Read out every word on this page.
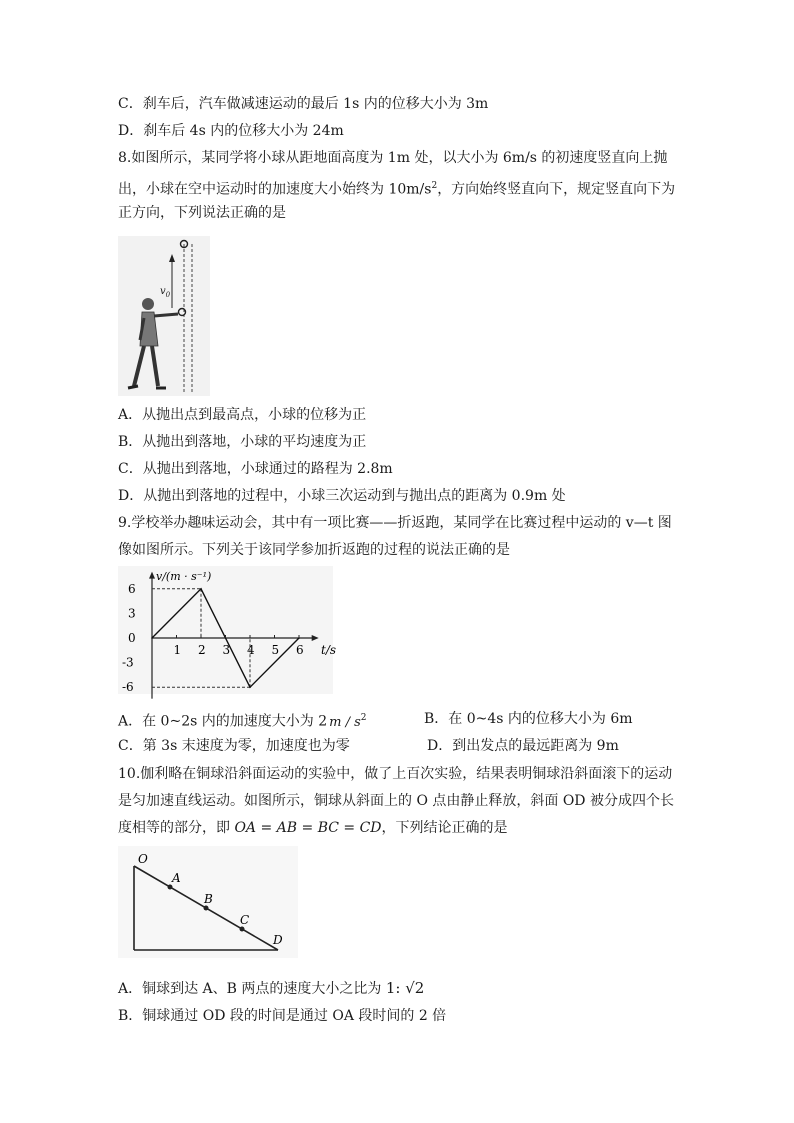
C．刹车后，汽车做减速运动的最后 1s 内的位移大小为 3m
D．刹车后 4s 内的位移大小为 24m
8.如图所示，某同学将小球从距地面高度为 1m 处，以大小为 6m/s 的初速度竖直向上抛
出，小球在空中运动时的加速度大小始终为 $10m/s^2$，方向始终竖直向下，规定竖直向下为
正方向，下列说法正确的是
$v_0$
A．从抛出点到最高点，小球的位移为正
B．从抛出到落地，小球的平均速度为正
C．从抛出到落地，小球通过的路程为 2.8m
D．从抛出到落地的过程中，小球三次运动到与抛出点的距离为 0.9m 处
9.学校举办趣味运动会，其中有一项比赛——折返跑，某同学在比赛过程中运动的 v—t 图
像如图所示。下列关于该同学参加折返跑的过程的说法正确的是
1 2 3 4 5 6
6
3
0
-3
-6
v/(m · s⁻¹)
t/s
A．在 0~2s 内的加速度大小为 2 m / $s^2$	B．在 0~4s 内的位移大小为 6m
C．第 3s 末速度为零，加速度也为零	D．到出发点的最远距离为 9m
10.伽利略在铜球沿斜面运动的实验中，做了上百次实验，结果表明铜球沿斜面滚下的运动
是匀加速直线运动。如图所示，铜球从斜面上的 O 点由静止释放，斜面 OD 被分成四个长
度相等的部分，即 OA = AB = BC = CD，下列结论正确的是
O
A
B
C
D
A．铜球到达 A、B 两点的速度大小之比为 1: √2
B．铜球通过 OD 段的时间是通过 OA 段时间的 2 倍
